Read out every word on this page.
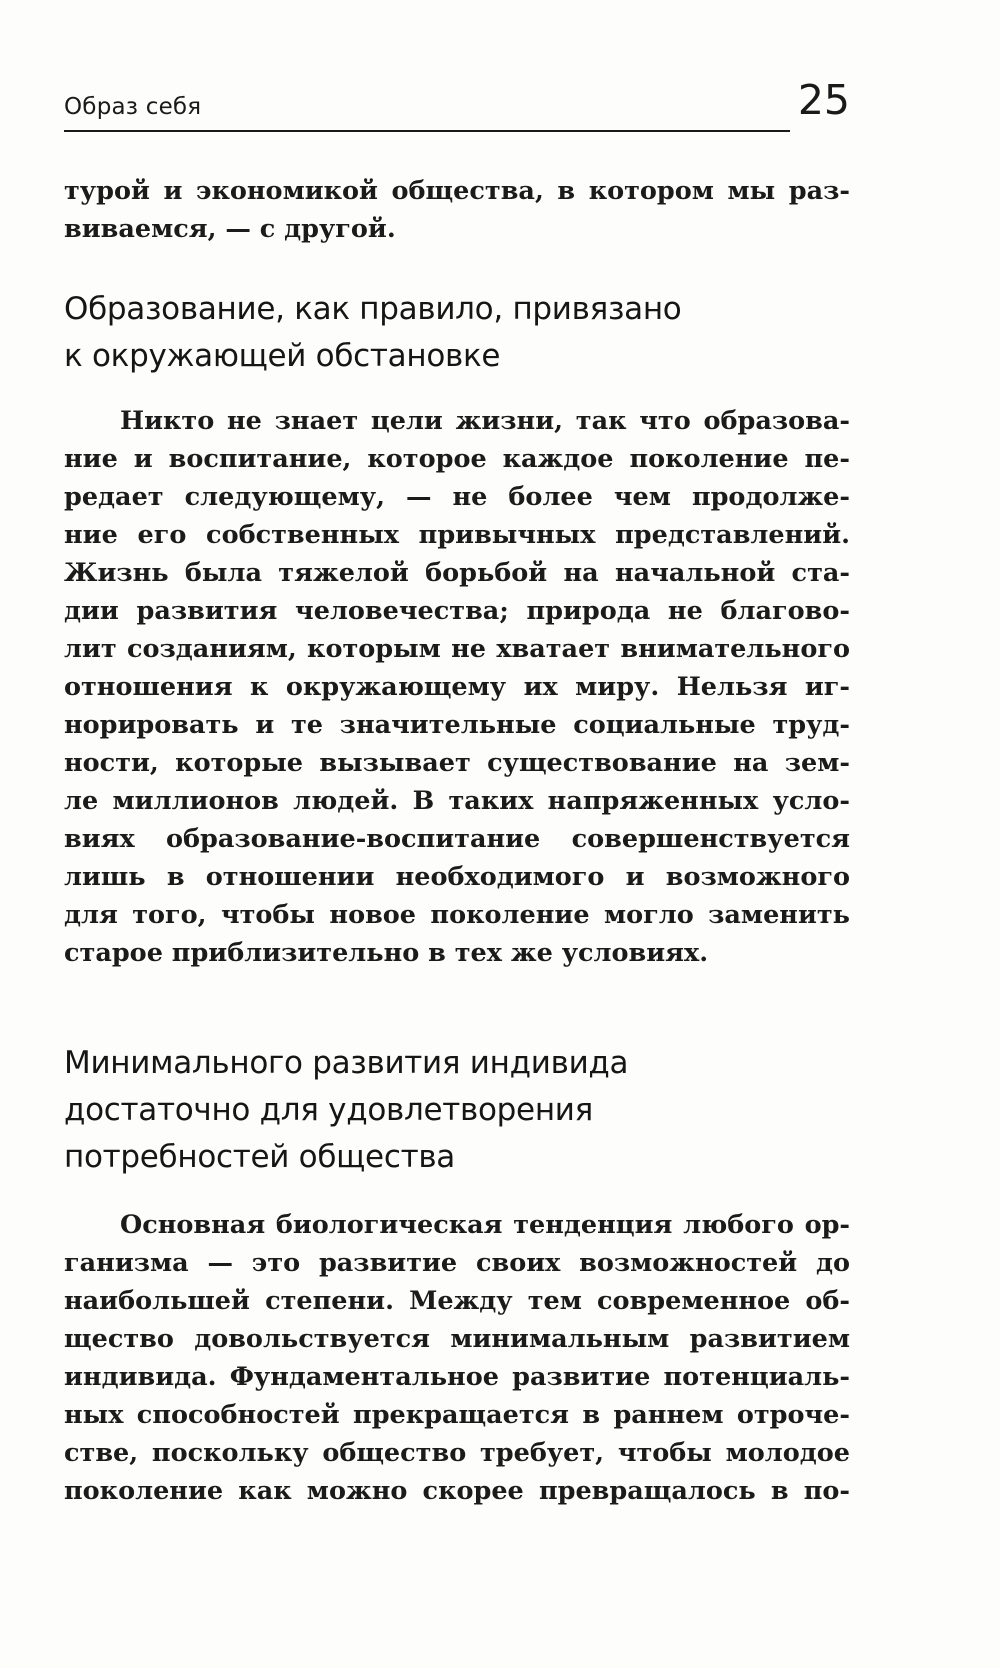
Образ себя	25

турой и экономикой общества, в котором мы раз-
виваемся, — с другой.

Образование, как правило, привязано
к окружающей обстановке

Никто не знает цели жизни, так что образова-
ние и воспитание, которое каждое поколение пе-
редает следующему, — не более чем продолже-
ние его собственных привычных представлений.
Жизнь была тяжелой борьбой на начальной ста-
дии развития человечества; природа не благово-
лит созданиям, которым не хватает внимательного
отношения к окружающему их миру. Нельзя иг-
норировать и те значительные социальные труд-
ности, которые вызывает существование на зем-
ле миллионов людей. В таких напряженных усло-
виях образование-воспитание совершенствуется
лишь в отношении необходимого и возможного
для того, чтобы новое поколение могло заменить
старое приблизительно в тех же условиях.

Минимального развития индивида
достаточно для удовлетворения
потребностей общества

Основная биологическая тенденция любого ор-
ганизма — это развитие своих возможностей до
наибольшей степени. Между тем современное об-
щество довольствуется минимальным развитием
индивида. Фундаментальное развитие потенциаль-
ных способностей прекращается в раннем отроче-
стве, поскольку общество требует, чтобы молодое
поколение как можно скорее превращалось в по-
